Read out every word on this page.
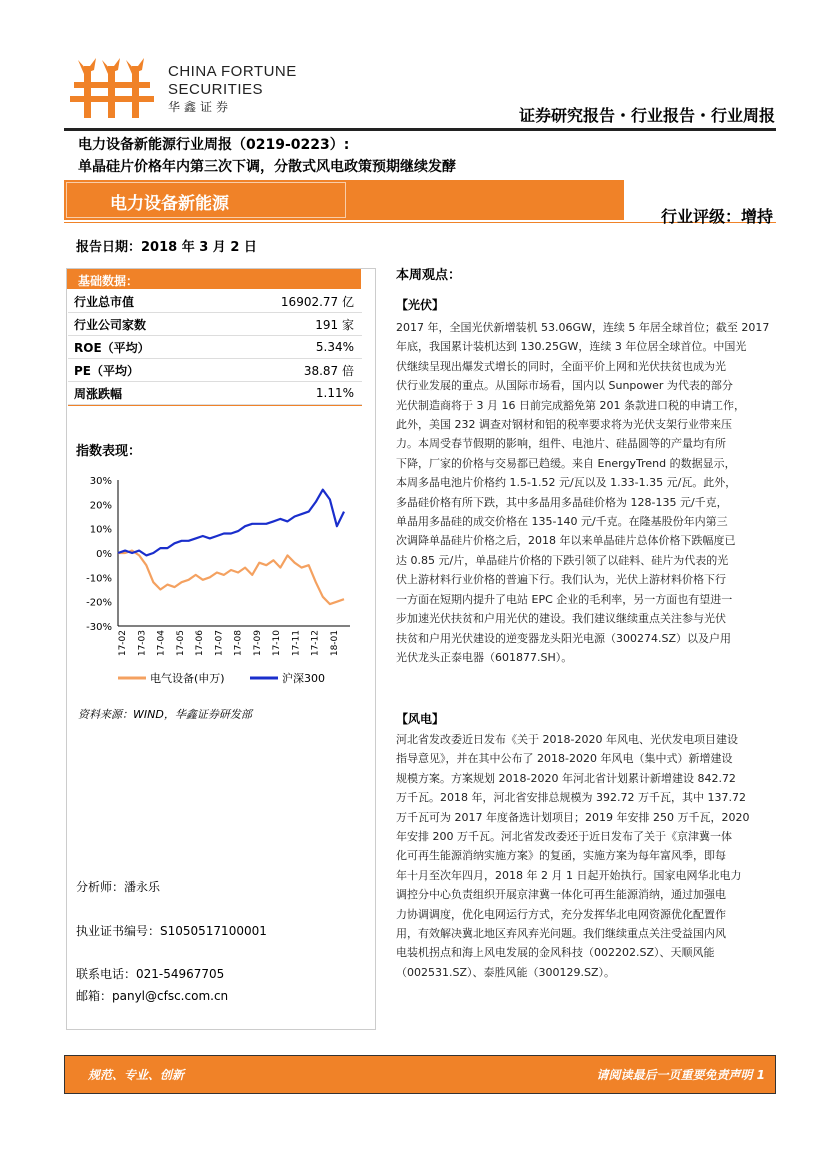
CHINA FORTUNE
SECURITIES
华鑫证券	证券研究报告・行业报告・行业周报
电力设备新能源行业周报（0219-0223）:
单晶硅片价格年内第三次下调，分散式风电政策预期继续发酵
电力设备新能源
行业评级：增持
报告日期：2018 年 3 月 2 日
基础数据：
行业总市值	16902.77 亿
行业公司家数	191 家
ROE（平均）	5.34%
PE（平均）	38.87 倍
周涨跌幅	1.11%
指数表现：
30%
20%
10%
0%
-10%
-20%
-30%
17-02 17-03 17-04 17-05 17-06 17-07 17-08 17-09 17-10 17-11 17-12 18-01
电气设备(申万)	沪深300
资料来源：WIND，华鑫证券研发部
分析师：潘永乐
执业证书编号：S1050517100001
联系电话：021-54967705
邮箱：panyl@cfsc.com.cn
本周观点：
【光伏】
2017 年，全国光伏新增装机 53.06GW，连续 5 年居全球首位；截至 2017
年底，我国累计装机达到 130.25GW，连续 3 年位居全球首位。中国光
伏继续呈现出爆发式增长的同时，全面平价上网和光伏扶贫也成为光
伏行业发展的重点。从国际市场看，国内以 Sunpower 为代表的部分
光伏制造商将于 3 月 16 日前完成豁免第 201 条款进口税的申请工作，
此外，美国 232 调查对钢材和铝的税率要求将为光伏支架行业带来压
力。本周受春节假期的影响，组件、电池片、硅晶圆等的产量均有所
下降，厂家的价格与交易都已趋缓。来自 EnergyTrend 的数据显示，
本周多晶电池片价格约 1.5-1.52 元/瓦以及 1.33-1.35 元/瓦。此外，
多晶硅价格有所下跌，其中多晶用多晶硅价格为 128-135 元/千克，
单晶用多晶硅的成交价格在 135-140 元/千克。在隆基股份年内第三
次调降单晶硅片价格之后，2018 年以来单晶硅片总体价格下跌幅度已
达 0.85 元/片，单晶硅片价格的下跌引领了以硅料、硅片为代表的光
伏上游材料行业价格的普遍下行。我们认为，光伏上游材料价格下行
一方面在短期内提升了电站 EPC 企业的毛利率，另一方面也有望进一
步加速光伏扶贫和户用光伏的建设。我们建议继续重点关注参与光伏
扶贫和户用光伏建设的逆变器龙头阳光电源（300274.SZ）以及户用
光伏龙头正泰电器（601877.SH）。
【风电】
河北省发改委近日发布《关于 2018-2020 年风电、光伏发电项目建设
指导意见》，并在其中公布了 2018-2020 年风电（集中式）新增建设
规模方案。方案规划 2018-2020 年河北省计划累计新增建设 842.72
万千瓦。2018 年，河北省安排总规模为 392.72 万千瓦，其中 137.72
万千瓦可为 2017 年度备选计划项目；2019 年安排 250 万千瓦，2020
年安排 200 万千瓦。河北省发改委还于近日发布了关于《京津冀一体
化可再生能源消纳实施方案》的复函，实施方案为每年富风季，即每
年十月至次年四月，2018 年 2 月 1 日起开始执行。国家电网华北电力
调控分中心负责组织开展京津冀一体化可再生能源消纳，通过加强电
力协调调度，优化电网运行方式，充分发挥华北电网资源优化配置作
用，有效解决冀北地区弃风弃光问题。我们继续重点关注受益国内风
电装机拐点和海上风电发展的金风科技（002202.SZ）、天顺风能
（002531.SZ）、泰胜风能（300129.SZ）。
规范、专业、创新	请阅读最后一页重要免责声明 1
